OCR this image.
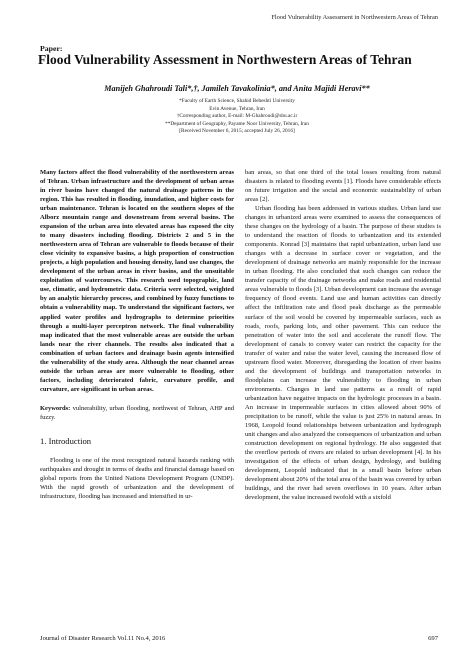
Flood Vulnerability Assessment in Northwestern Areas of Tehran
Paper:
Flood Vulnerability Assessment in Northwestern Areas of Tehran
Manijeh Ghahroudi Tali*,†, Jamileh Tavakolinia*, and Anita Majidi Heravi**
*Faculty of Earth Science, Shahid Beheshti University
Evin Avenue, Tehran, Iran
†Corresponding author, E-mail: M-Ghahroudi@sbu.ac.ir
**Department of Geography, Payame Noor University, Tehran, Iran
[Received November 6, 2015; accepted July 26, 2016]

Many factors affect the flood vulnerability of the northwestern areas of Tehran. Urban infrastructure and the development of urban areas in river basins have changed the natural drainage patterns in the region. This has resulted in flooding, inundation, and higher costs for urban maintenance. Tehran is located on the southern slopes of the Alborz mountain range and downstream from several basins. The expansion of the urban area into elevated areas has exposed the city to many disasters including flooding. Districts 2 and 5 in the northwestern area of Tehran are vulnerable to floods because of their close vicinity to expansive basins, a high proportion of construction projects, a high population and housing density, land use changes, the development of the urban areas in river basins, and the unsuitable exploitation of watercourses. This research used topographic, land use, climatic, and hydrometric data. Criteria were selected, weighted by an analytic hierarchy process, and combined by fuzzy functions to obtain a vulnerability map. To understand the significant factors, we applied water profiles and hydrographs to determine priorities through a multi-layer perceptron network. The final vulnerability map indicated that the most vulnerable areas are outside the urban lands near the river channels. The results also indicated that a combination of urban factors and drainage basin agents intensified the vulnerability of the study area. Although the near channel areas outside the urban areas are more vulnerable to flooding, other factors, including deteriorated fabric, curvature profile, and curvature, are significant in urban areas.

Keywords: vulnerability, urban flooding, northwest of Tehran, AHP and fuzzy.

1. Introduction

Flooding is one of the most recognized natural hazards ranking with earthquakes and drought in terms of deaths and financial damage based on global reports from the United Nations Development Program (UNDP). With the rapid growth of urbanization and the development of infrastructure, flooding has increased and intensified in ur-

ban areas, so that one third of the total losses resulting from natural disasters is related to flooding events [1]. Floods have considerable effects on future irrigation and the social and economic sustainability of urban areas [2].

Urban flooding has been addressed in various studies. Urban land use changes in urbanized areas were examined to assess the consequences of these changes on the hydrology of a basin. The purpose of these studies is to understand the reaction of floods to urbanization and its extended components. Konrad [3] maintains that rapid urbanization, urban land use changes with a decrease in surface cover or vegetation, and the development of drainage networks are mainly responsible for the increase in urban flooding. He also concluded that such changes can reduce the transfer capacity of the drainage networks and make roads and residential areas vulnerable to floods [3]. Urban development can increase the average frequency of flood events. Land use and human activities can directly affect the infiltration rate and flood peak discharge as the permeable surface of the soil would be covered by impermeable surfaces, such as roads, roofs, parking lots, and other pavement. This can reduce the penetration of water into the soil and accelerate the runoff flow. The development of canals to convey water can restrict the capacity for the transfer of water and raise the water level, causing the increased flow of upstream flood water. Moreover, disregarding the location of river basins and the development of buildings and transportation networks in floodplains can increase the vulnerability to flooding in urban environments. Changes in land use patterns as a result of rapid urbanization have negative impacts on the hydrologic processes in a basin. An increase in impermeable surfaces in cities allowed about 90% of precipitation to be runoff, while the value is just 25% in natural areas. In 1968, Leopold found relationships between urbanization and hydrograph unit changes and also analyzed the consequences of urbanization and urban construction development on regional hydrology. He also suggested that the overflow periods of rivers are related to urban development [4]. In his investigation of the effects of urban design, hydrology, and building development, Leopold indicated that in a small basin before urban development about 20% of the total area of the basin was covered by urban buildings, and the river had seven overflows in 10 years. After urban development, the value increased twofold with a sixfold

Journal of Disaster Research Vol.11 No.4, 2016	697
